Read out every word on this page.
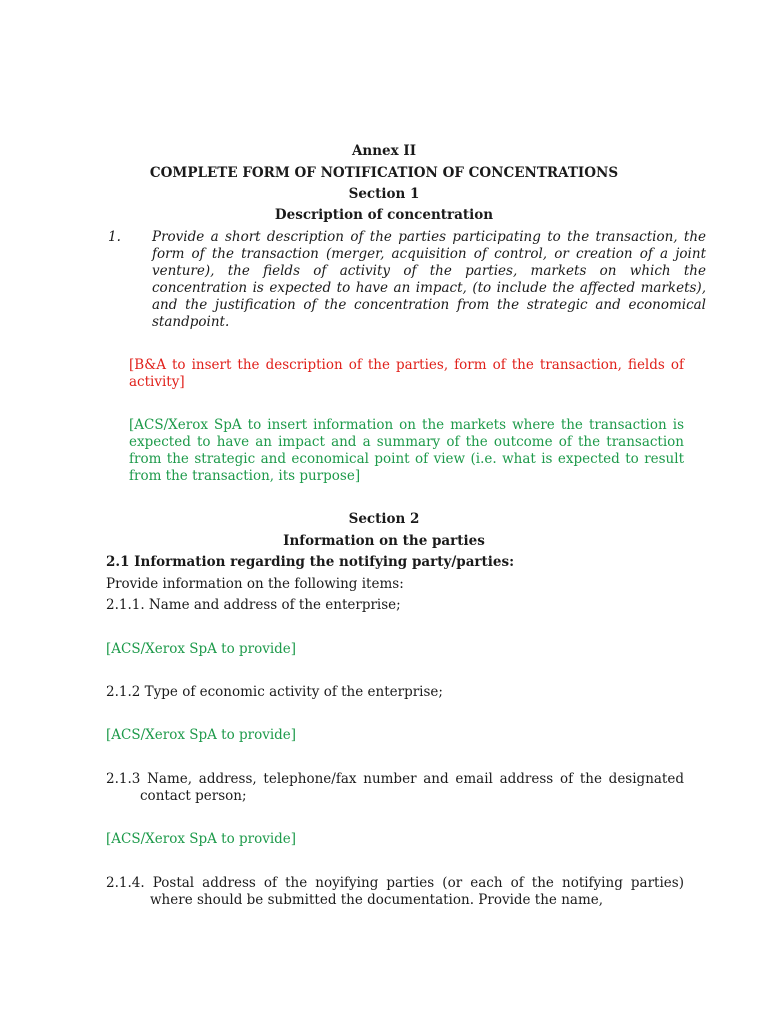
Annex II

COMPLETE FORM OF NOTIFICATION OF CONCENTRATIONS

Section 1

Description of concentration

1. Provide a short description of the parties participating to the transaction, the form of the transaction (merger, acquisition of control, or creation of a joint venture), the fields of activity of the parties, markets on which the concentration is expected to have an impact, (to include the affected markets), and the justification of the concentration from the strategic and economical standpoint.

[B&A to insert the description of the parties, form of the transaction, fields of activity]

[ACS/Xerox SpA to insert information on the markets where the transaction is expected to have an impact and a summary of the outcome of the transaction from the strategic and economical point of view (i.e. what is expected to result from the transaction, its purpose]

Section 2

Information on the parties

2.1 Information regarding the notifying party/parties:

Provide information on the following items:

2.1.1. Name and address of the enterprise;

[ACS/Xerox SpA to provide]

2.1.2 Type of economic activity of the enterprise;

[ACS/Xerox SpA to provide]

2.1.3 Name, address, telephone/fax number and email address of the designated contact person;

[ACS/Xerox SpA to provide]

2.1.4. Postal address of the noyifying parties (or each of the notifying parties) where should be submitted the documentation. Provide the name,
